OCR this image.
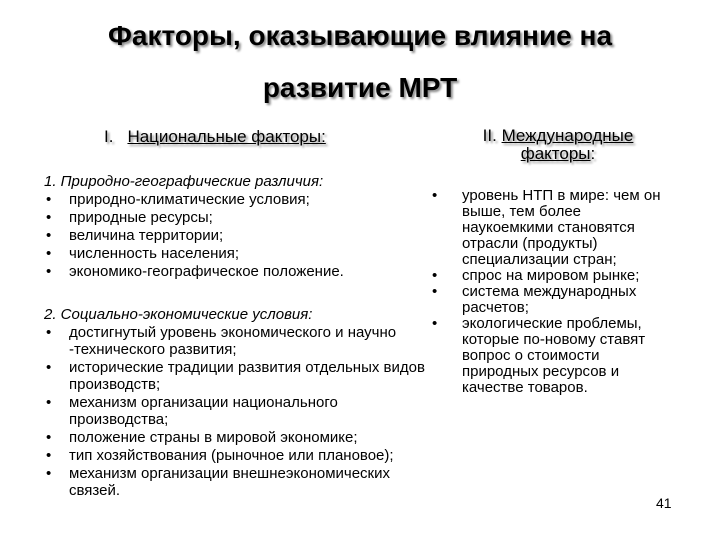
Факторы, оказывающие влияние на
развитие МРТ
I. Национальные факторы:	II. Международные
факторы:
1. Природно-географические различия:
• природно-климатические условия;
• природные ресурсы;
• величина территории;
• численность населения;
• экономико-географическое положение.
2. Социально-экономические условия:
• достигнутый уровень экономического и научно -технического развития;
• исторические традиции развития отдельных видов производств;
• механизм организации национального производства;
• положение страны в мировой экономике;
• тип хозяйствования (рыночное или плановое);
• механизм организации внешнеэкономических связей.
• уровень НТП в мире: чем он выше, тем более наукоемкими становятся отрасли (продукты) специализации стран;
• спрос на мировом рынке;
• система международных расчетов;
• экологические проблемы, которые по-новому ставят вопрос о стоимости природных ресурсов и качестве товаров.
41
